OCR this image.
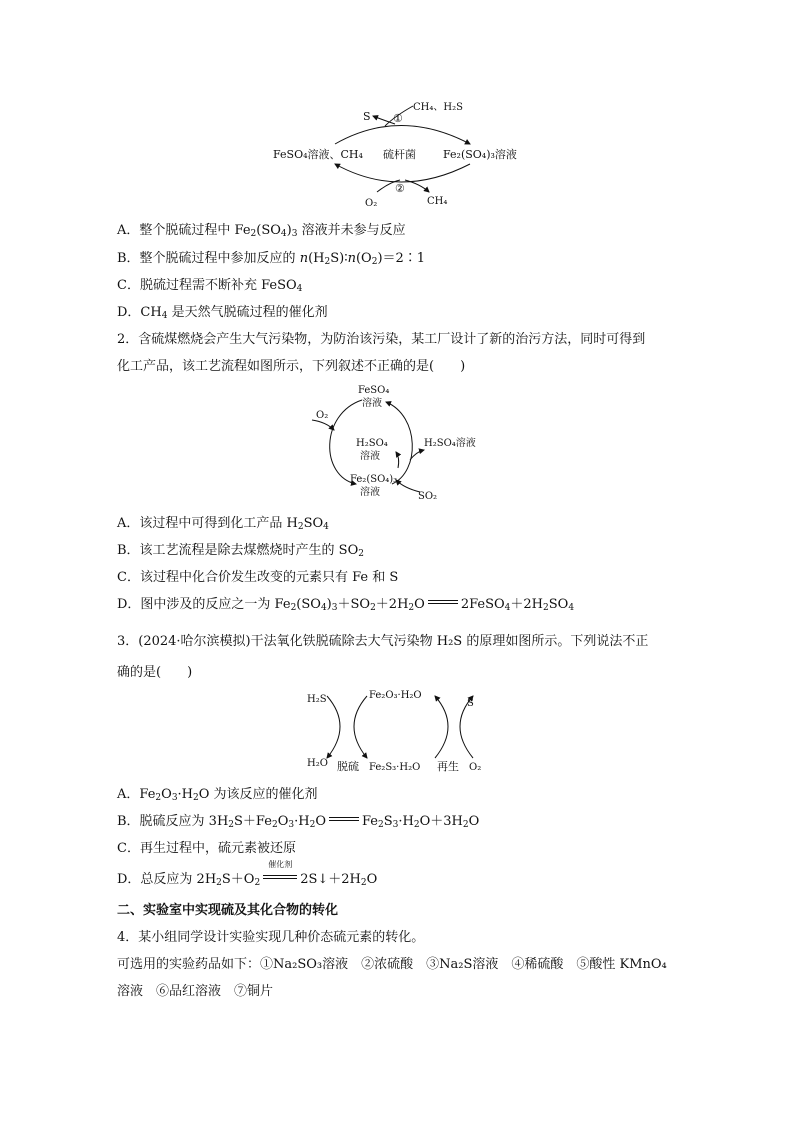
S ①
CH₄、H₂S
FeSO₄溶液、CH₄ 硫杆菌 Fe₂(SO₄)₃溶液
O₂
②
CH₄
A．整个脱硫过程中 $Fe_2(SO_4)_3$ 溶液并未参与反应
B．整个脱硫过程中参加反应的 $n(H_2S)∶n(O_2)=2∶1$
C．脱硫过程需不断补充 FeSO$_4$
D．$CH_4$ 是天然气脱硫过程的催化剂
2．含硫煤燃烧会产生大气污染物，为防治该污染，某工厂设计了新的治污方法，同时可得到
化工产品，该工艺流程如图所示，下列叙述不正确的是(　　)
FeSO₄
溶液
O₂
H₂SO₄
溶液
H₂SO₄溶液
Fe₂(SO₄)₃
溶液	SO₂
A．该过程中可得到化工产品 $H_2SO_4$
B．该工艺流程是除去煤燃烧时产生的 $SO_2$
C．该过程中化合价发生改变的元素只有 Fe 和 S
D．图中涉及的反应之一为 $Fe_2(SO_4)_3+SO_2+2H_2O$	$2FeSO_4+2H_2SO_4$
3．(2024·哈尔滨模拟)干法氧化铁脱硫除去大气污染物 H₂S 的原理如图所示。下列说法不正
确的是(　　)
H₂S	Fe₂O₃·H₂O
S
H₂O 脱硫 Fe₂S₃·H₂O 再生 O₂
A．$Fe_2O_3\cdot H_2O$ 为该反应的催化剂
B．脱硫反应为 $3H_2S+Fe_2O_3\cdot H_2O$	$Fe_2S_3\cdot H_2O+3H_2O$
C．再生过程中，硫元素被还原
D．总反应为 $2H_2S+O_2$
催化剂
$2S↓+2H_2O$
二、实验室中实现硫及其化合物的转化
4．某小组同学设计实验实现几种价态硫元素的转化。
可选用的实验药品如下：①Na₂SO₃溶液　②浓硫酸　③Na₂S溶液　④稀硫酸　⑤酸性 KMnO₄
溶液　⑥品红溶液　⑦铜片
